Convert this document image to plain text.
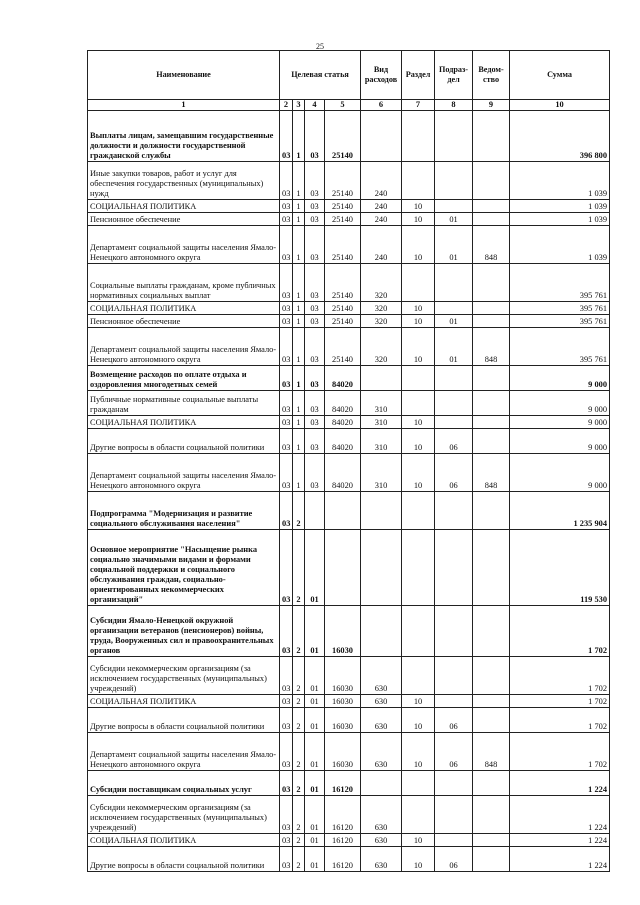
25
Наименование	Целевая статья				Вид расходов	Раздел	Подраз-дел	Ведом-ство	Сумма
1	2	3	4	5	6	7	8	9	10
Выплаты лицам, замещавшим государственные должности и должности государственной гражданской службы	03	1	03	25140					396 800
Иные закупки товаров, работ и услуг для обеспечения государственных (муниципальных) нужд	03	1	03	25140	240				1 039
СОЦИАЛЬНАЯ ПОЛИТИКА	03	1	03	25140	240	10			1 039
Пенсионное обеспечение	03	1	03	25140	240	10	01		1 039
Департамент социальной защиты населения Ямало-Ненецкого автономного округа	03	1	03	25140	240	10	01	848	1 039
Социальные выплаты гражданам, кроме публичных нормативных социальных выплат	03	1	03	25140	320				395 761
СОЦИАЛЬНАЯ ПОЛИТИКА	03	1	03	25140	320	10			395 761
Пенсионное обеспечение	03	1	03	25140	320	10	01		395 761
Департамент социальной защиты населения Ямало-Ненецкого автономного округа	03	1	03	25140	320	10	01	848	395 761
Возмещение расходов по оплате отдыха и оздоровления многодетных семей	03	1	03	84020					9 000
Публичные нормативные социальные выплаты гражданам	03	1	03	84020	310				9 000
СОЦИАЛЬНАЯ ПОЛИТИКА	03	1	03	84020	310	10			9 000
Другие вопросы в области социальной политики	03	1	03	84020	310	10	06		9 000
Департамент социальной защиты населения Ямало-Ненецкого автономного округа	03	1	03	84020	310	10	06	848	9 000
Подпрограмма "Модернизация и развитие социального обслуживания населения"	03	2							1 235 904
Основное мероприятие "Насыщение рынка социально значимыми видами и формами социальной поддержки и социального обслуживания граждан, социально-ориентированных некоммерческих организаций"	03	2	01						119 530
Субсидии Ямало-Ненецкой окружной организации ветеранов (пенсионеров) войны, труда, Вооруженных сил и правоохранительных органов	03	2	01	16030					1 702
Субсидии некоммерческим организациям (за исключением государственных (муниципальных) учреждений)	03	2	01	16030	630				1 702
СОЦИАЛЬНАЯ ПОЛИТИКА	03	2	01	16030	630	10			1 702
Другие вопросы в области социальной политики	03	2	01	16030	630	10	06		1 702
Департамент социальной защиты населения Ямало-Ненецкого автономного округа	03	2	01	16030	630	10	06	848	1 702
Субсидии поставщикам социальных услуг	03	2	01	16120					1 224
Субсидии некоммерческим организациям (за исключением государственных (муниципальных) учреждений)	03	2	01	16120	630				1 224
СОЦИАЛЬНАЯ ПОЛИТИКА	03	2	01	16120	630	10			1 224
Другие вопросы в области социальной политики	03	2	01	16120	630	10	06		1 224
